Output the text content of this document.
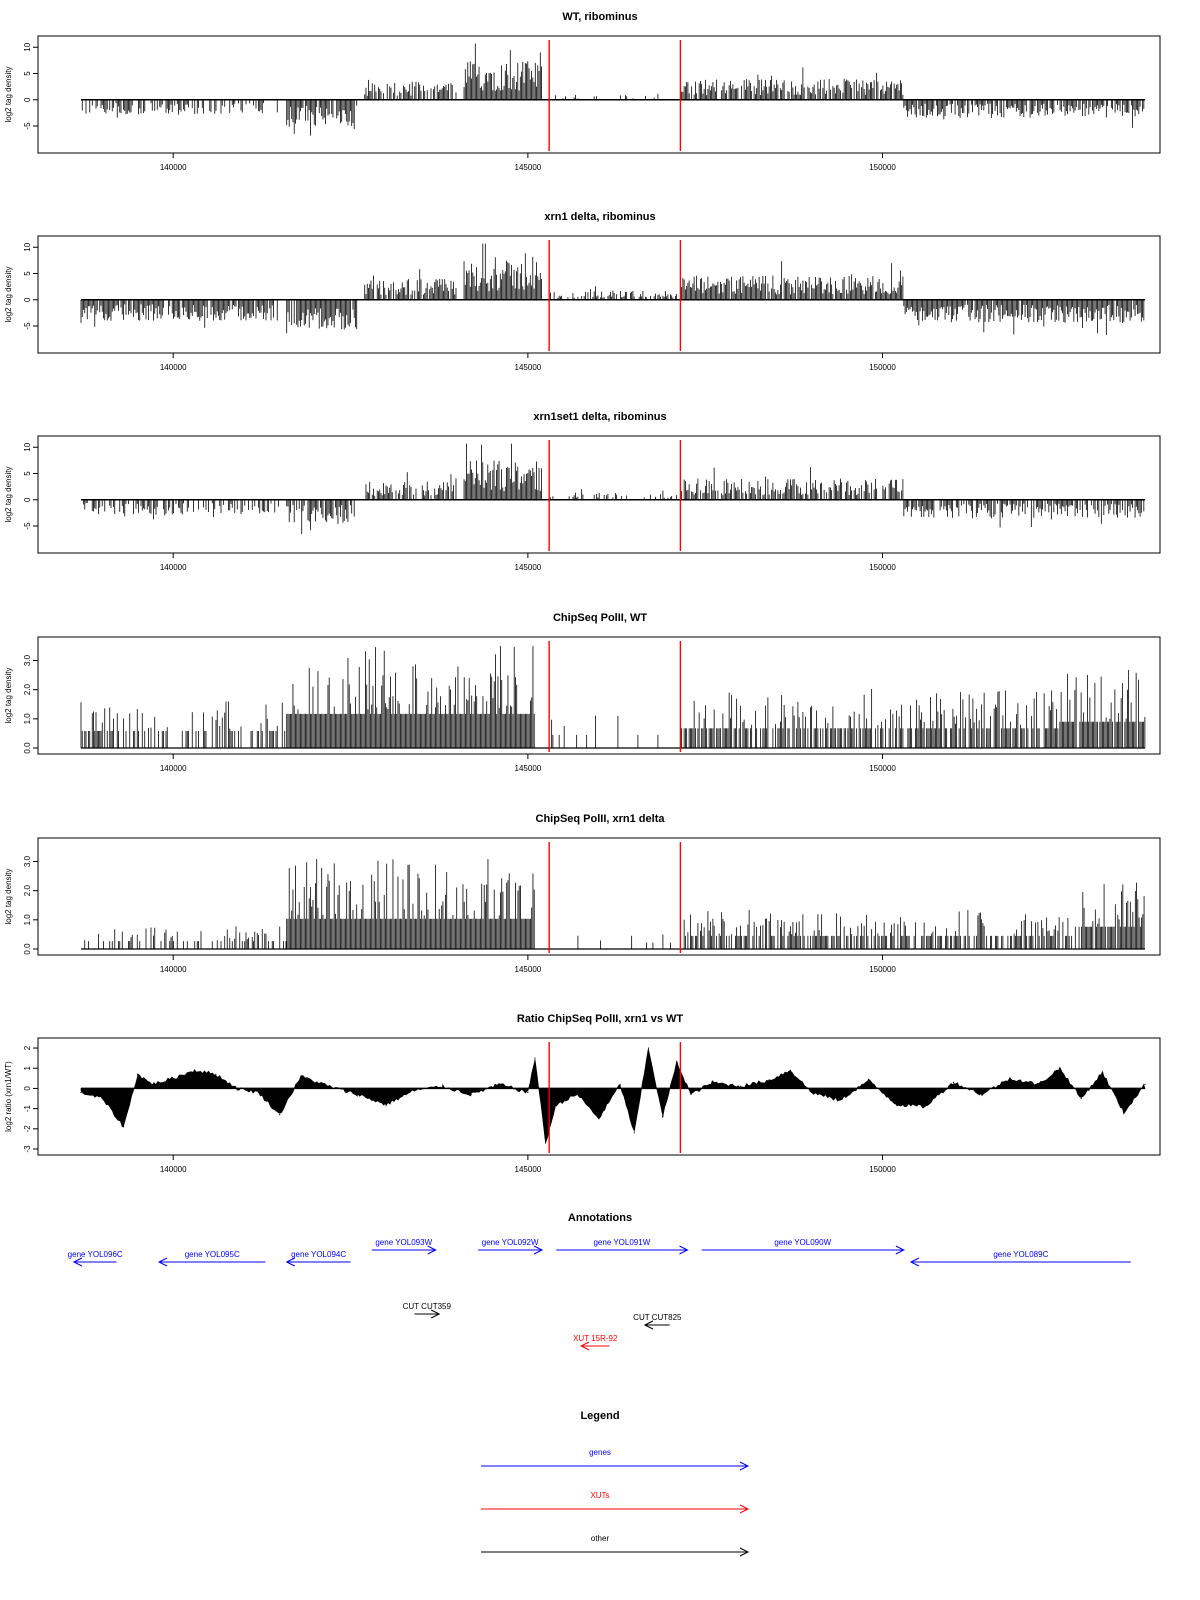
WT, ribominus
log2 tag density
-5
0
5
10
140000	145000	150000
xrn1 delta, ribominus
log2 tag density
-5
0
5
10
140000	145000	150000
xrn1set1 delta, ribominus
log2 tag density
-5
0
5
10
140000	145000	150000
ChipSeq PolII, WT
log2 tag density
0.0
1.0
2.0
3.0
140000	145000	150000
ChipSeq PolII, xrn1 delta
log2 tag density
0.0
1.0
2.0
3.0
140000	145000	150000
Ratio ChipSeq PolII, xrn1 vs WT
log2 ratio (xrn1/WT)
-3
-2
-1
0
1
2
140000	145000	150000
Annotations
gene YOL096C	gene YOL095C	gene YOL094C
gene YOL093W	gene YOL092W	gene YOL091W	gene YOL090W
gene YOL089C
CUT CUT359
CUT CUT825
XUT 15R-92
Legend
genes
XUTs
other
